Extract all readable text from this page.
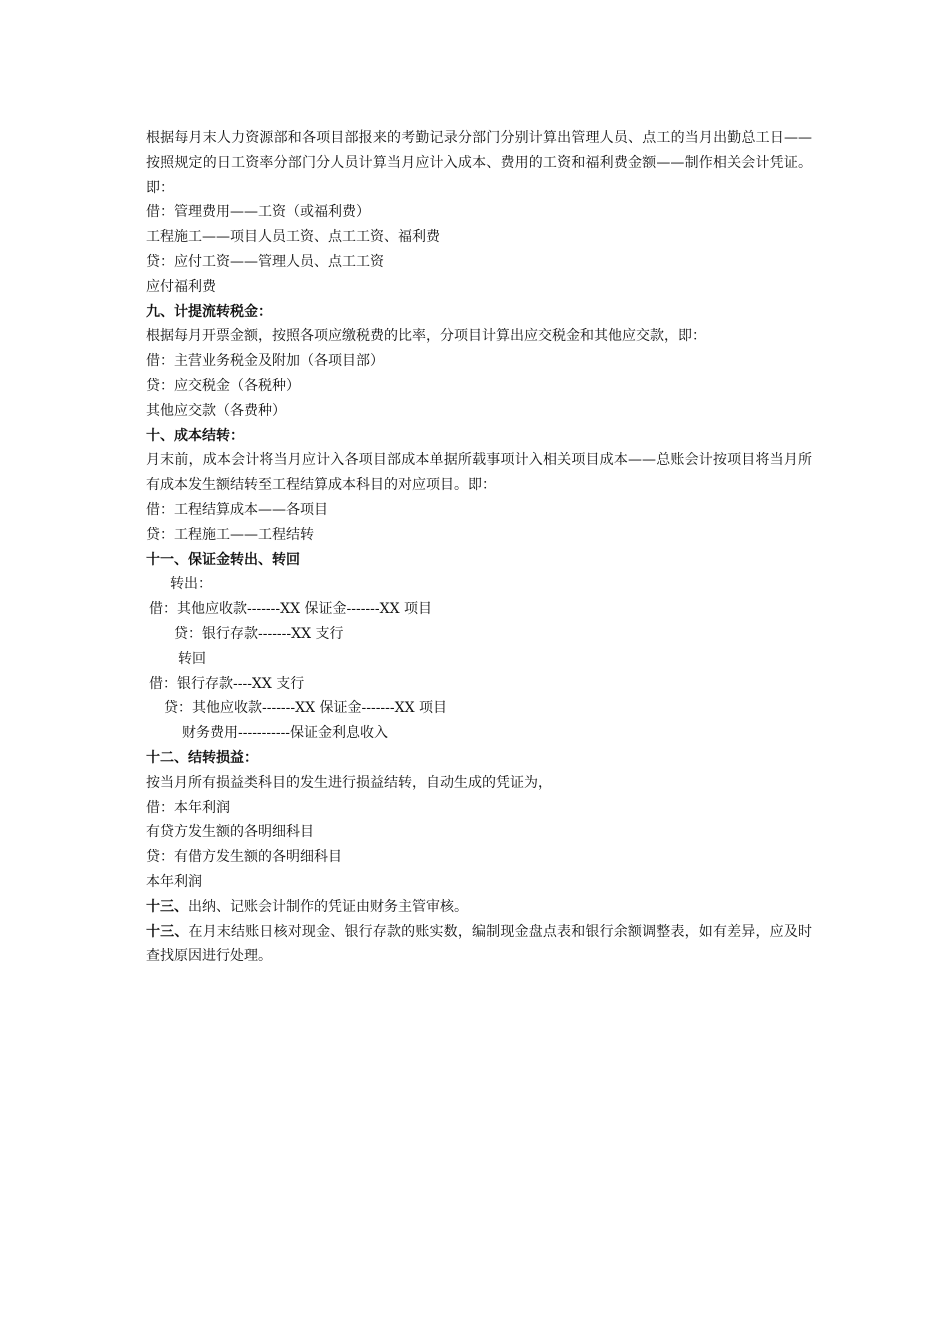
根据每月末人力资源部和各项目部报来的考勤记录分部门分别计算出管理人员、点工的当月出勤总工日——按照规定的日工资率分部门分人员计算当月应计入成本、费用的工资和福利费金额——制作相关会计凭证。即：
借：管理费用——工资（或福利费）
工程施工——项目人员工资、点工工资、福利费
贷：应付工资——管理人员、点工工资
应付福利费
九、计提流转税金：
根据每月开票金额，按照各项应缴税费的比率，分项目计算出应交税金和其他应交款，即：
借：主营业务税金及附加（各项目部）
贷：应交税金（各税种）
其他应交款（各费种）
十、成本结转：
月末前，成本会计将当月应计入各项目部成本单据所载事项计入相关项目成本——总账会计按项目将当月所有成本发生额结转至工程结算成本科目的对应项目。即：
借：工程结算成本——各项目
贷：工程施工——工程结转
十一、保证金转出、转回
转出：
借：其他应收款-------XX 保证金-------XX 项目
贷：银行存款-------XX 支行
转回
借：银行存款----XX 支行
贷：其他应收款-------XX 保证金-------XX 项目
财务费用-----------保证金利息收入
十二、结转损益：
按当月所有损益类科目的发生进行损益结转，自动生成的凭证为，
借：本年利润
有贷方发生额的各明细科目
贷：有借方发生额的各明细科目
本年利润
十三、出纳、记账会计制作的凭证由财务主管审核。
十三、在月末结账日核对现金、银行存款的账实数，编制现金盘点表和银行余额调整表，如有差异，应及时查找原因进行处理。
